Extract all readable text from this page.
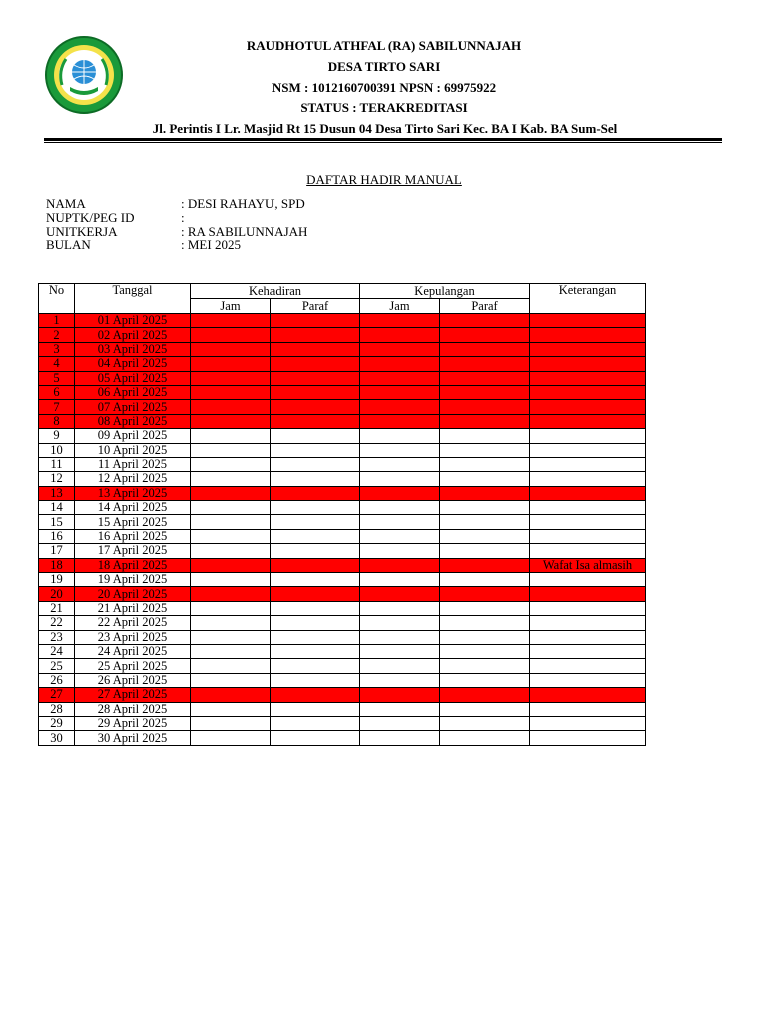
RAUDHOTUL ATHFAL (RA) SABILUNNAJAH
DESA TIRTO SARI
NSM : 1012160700391 NPSN : 69975922
STATUS : TERAKREDITASI
Jl. Perintis I Lr. Masjid Rt 15 Dusun 04 Desa Tirto Sari Kec. BA I Kab. BA Sum-Sel
DAFTAR HADIR MANUAL
NAMA	: DESI RAHAYU, SPD
NUPTK/PEG ID	:
UNITKERJA	: RA SABILUNNAJAH
BULAN	: MEI 2025
No	Tanggal	Kehadiran		Kepulangan		Keterangan
		Jam	Paraf	Jam	Paraf	
1	01 April 2025					
2	02 April 2025					
3	03 April 2025					
4	04 April 2025					
5	05 April 2025					
6	06 April 2025					
7	07 April 2025					
8	08 April 2025					
9	09 April 2025					
10	10 April 2025					
11	11 April 2025					
12	12 April 2025					
13	13 April 2025					
14	14 April 2025					
15	15 April 2025					
16	16 April 2025					
17	17 April 2025					
18	18 April 2025					Wafat Isa almasih
19	19 April 2025					
20	20 April 2025					
21	21 April 2025					
22	22 April 2025					
23	23 April 2025					
24	24 April 2025					
25	25 April 2025					
26	26 April 2025					
27	27 April 2025					
28	28 April 2025					
29	29 April 2025					
30	30 April 2025					
